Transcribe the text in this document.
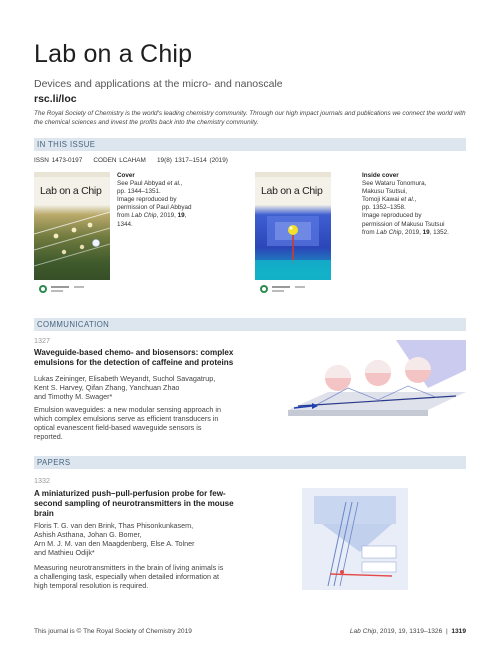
Lab on a Chip
Devices and applications at the micro- and nanoscale
rsc.li/loc
The Royal Society of Chemistry is the world's leading chemistry community. Through our high impact journals and publications we connect the world with the chemical sciences and invest the profits back into the chemistry community.
IN THIS ISSUE
ISSN 1473-0197 CODEN LCAHAM 19(8) 1317–1514 (2019)
Lab on a Chip
Cover
See Paul Abbyad et al.,
pp. 1344–1351.
Image reproduced by
permission of Paul Abbyad
from Lab Chip, 2019, 19, 1344.
Lab on a Chip
Inside cover
See Wataru Tonomura,
Makusu Tsutsui,
Tomoji Kawai et al.,
pp. 1352–1358.
Image reproduced by
permission of Makusu Tsutsui
from Lab Chip, 2019, 19, 1352.
COMMUNICATION
1327
Waveguide-based chemo- and biosensors: complex
emulsions for the detection of caffeine and proteins
Lukas Zeininger, Elisabeth Weyandt, Suchol Savagatrup,
Kent S. Harvey, Qifan Zhang, Yanchuan Zhao
and Timothy M. Swager*
Emulsion waveguides: a new modular sensing approach in
which complex emulsions serve as efficient transducers in
optical evanescent field-based waveguide sensors is
reported.
PAPERS
1332
A miniaturized push–pull-perfusion probe for few-
second sampling of neurotransmitters in the mouse
brain
Floris T. G. van den Brink, Thas Phisonkunkasem,
Ashish Asthana, Johan G. Bomer,
Arn M. J. M. van den Maagdenberg, Else A. Tolner
and Mathieu Odijk*
Measuring neurotransmitters in the brain of living animals is
a challenging task, especially when detailed information at
high temporal resolution is required.
This journal is © The Royal Society of Chemistry 2019	Lab Chip, 2019, 19, 1319–1326 | 1319
